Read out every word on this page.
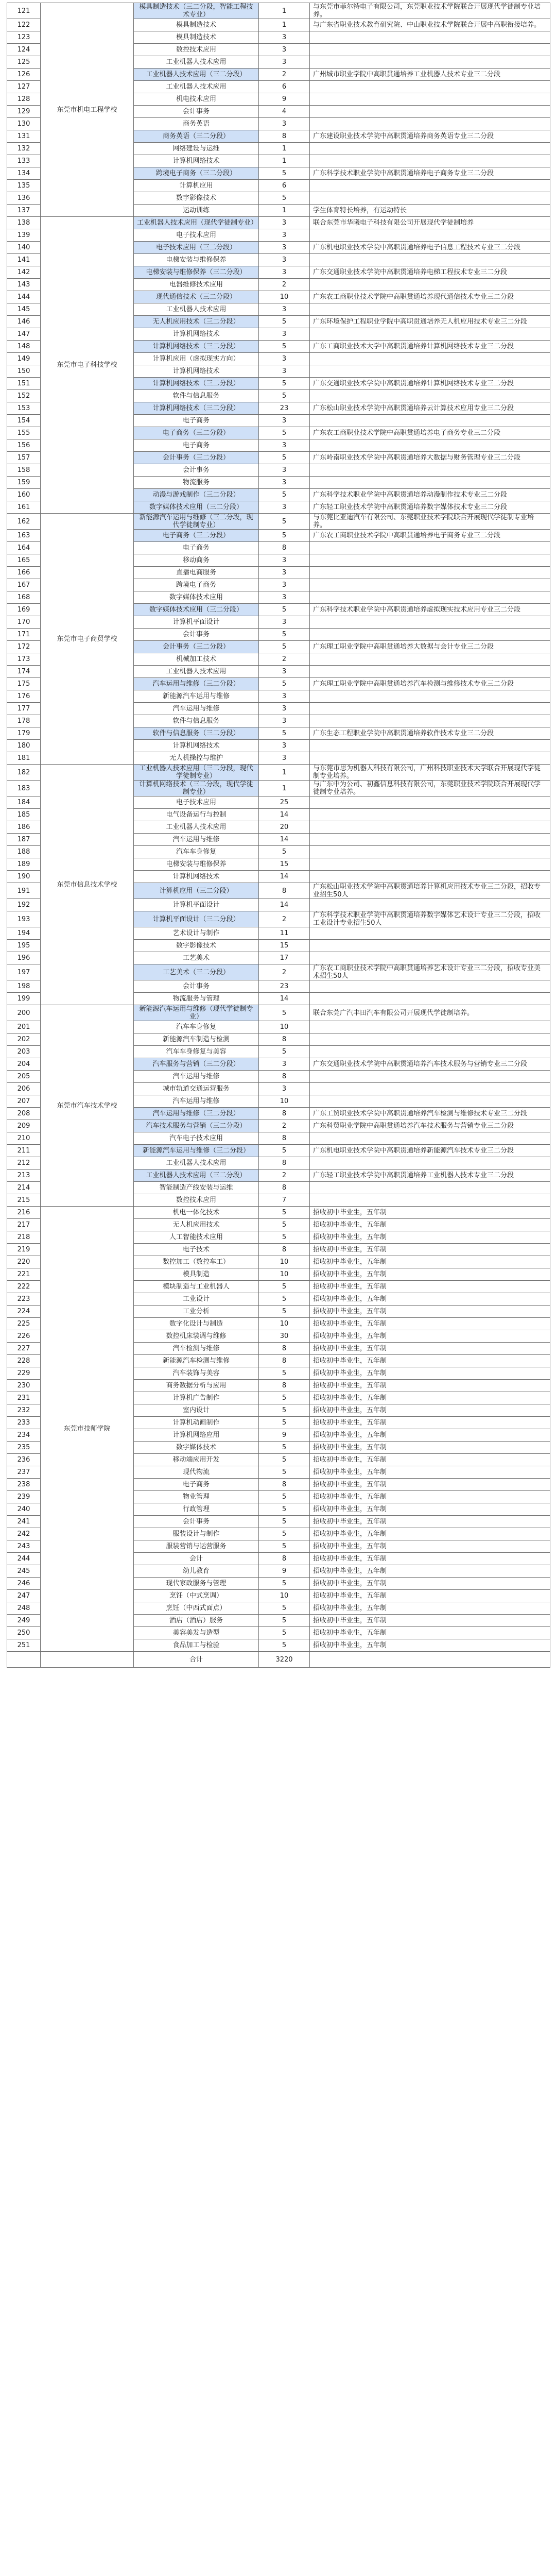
121	东莞市机电工程学校	模具制造技术（三二分段，智能工程技术专业）	1	与东莞市菲尔特电子有限公司，东莞职业技术学院联合开展现代学徒制专业培养。
122		模具制造技术	1	与广东省职业技术教育研究院、中山职业技术学院联合开展中高职衔接培养。
123		模具制造技术	3	
124		数控技术应用	3	
125		工业机器人技术应用	3	
126		工业机器人技术应用（三二分段）	2	广州城市职业学院中高职贯通培养工业机器人技术专业三二分段
127		工业机器人技术应用	6	
128		机电技术应用	9	
129		会计事务	4	
130		商务英语	3	
131		商务英语（三二分段）	8	广东建设职业技术学院中高职贯通培养商务英语专业三二分段
132		网络建设与运维	1	
133		计算机网络技术	1	
134		跨境电子商务（三二分段）	5	广东科学技术职业学院中高职贯通培养电子商务专业三二分段
135		计算机应用	6	
136		数字影像技术	5	
137		运动训练	1	学生体育特长培养，有运动特长
138	东莞市电子科技学校	工业机器人技术应用（现代学徒制专业）	3	联合东莞市华曦电子科技有限公司开展现代学徒制培养
139		电子技术应用	3	
140		电子技术应用（三二分段）	3	广东机电职业技术学院中高职贯通培养电子信息工程技术专业三二分段
141		电梯安装与维修保养	3	
142		电梯安装与维修保养（三二分段）	3	广东交通职业技术学院中高职贯通培养电梯工程技术专业三二分段
143		电器维修技术应用	2	
144		现代通信技术（三二分段）	10	广东农工商职业技术学院中高职贯通培养现代通信技术专业三二分段
145		工业机器人技术应用	3	
146		无人机应用技术（三二分段）	5	广东环境保护工程职业学院中高职贯通培养无人机应用技术专业三二分段
147		计算机网络技术	3	
148		计算机网络技术（三二分段）	5	广东工商职业技术大学中高职贯通培养计算机网络技术专业三二分段
149		计算机应用（虚拟现实方向）	3	
150		计算机网络技术	3	
151		计算机网络技术（三二分段）	5	广东交通职业技术学院中高职贯通培养计算机网络技术专业三二分段
152		软件与信息服务	5	
153		计算机网络技术（三二分段）	23	广东松山职业技术学院中高职贯通培养云计算技术应用专业三二分段
154		电子商务	3	
155		电子商务（三二分段）	5	广东农工商职业技术学院中高职贯通培养电子商务专业三二分段
156		电子商务	3	
157		会计事务（三二分段）	5	广东岭南职业技术学院中高职贯通培养大数据与财务管理专业三二分段
158		会计事务	3	
159		物流服务	3	
160		动漫与游戏制作（三二分段）	5	广东科学技术职业学院中高职贯通培养动漫制作技术专业三二分段
161		数字媒体技术应用（三二分段）	3	广东轻工职业技术学院中高职贯通培养数字媒体技术专业三二分段
162	东莞市电子商贸学校	新能源汽车运用与维修（三二分段，现代学徒制专业）	5	与东莞比亚迪汽车有限公司、东莞职业技术学院联合开展现代学徒制专业培养。
163		电子商务（三二分段）	5	广东农工商职业技术学院中高职贯通培养电子商务专业三二分段
164		电子商务	8	
165		移动商务	3	
166		直播电商服务	3	
167		跨境电子商务	3	
168		数字媒体技术应用	3	
169		数字媒体技术应用（三二分段）	5	广东科学技术职业学院中高职贯通培养虚拟现实技术应用专业三二分段
170		计算机平面设计	3	
171		会计事务	5	
172		会计事务（三二分段）	5	广东理工职业学院中高职贯通培养大数据与会计专业三二分段
173		机械加工技术	2	
174		工业机器人技术应用	3	
175		汽车运用与维修（三二分段）	5	广东理工职业学院中高职贯通培养汽车检测与维修技术专业三二分段
176		新能源汽车运用与维修	3	
177		汽车运用与维修	3	
178		软件与信息服务	3	
179		软件与信息服务（三二分段）	5	广东生态工程职业学院中高职贯通培养软件技术专业三二分段
180		计算机网络技术	3	
181		无人机操控与维护	3	
182	东莞市信息技术学校	工业机器人技术应用（三二分段，现代学徒制专业）	1	与东莞市思为机器人科技有限公司，广州科技职业技术大学联合开展现代学徒制专业培养。
183		计算机网络技术（三二分段，现代学徒制专业）	1	与广东中为公司、初鑫信息科技有限公司，东莞职业技术学院联合开展现代学徒制专业培养。
184		电子技术应用	25	
185		电气设备运行与控制	14	
186		工业机器人技术应用	20	
187		汽车运用与维修	14	
188		汽车车身修复	5	
189		电梯安装与维修保养	15	
190		计算机网络技术	14	
191		计算机应用（三二分段）	8	广东松山职业技术学院中高职贯通培养计算机应用技术专业三二分段，招收专业招生50人
192		计算机平面设计	14	
193		计算机平面设计（三二分段）	2	广东科学技术职业学院中高职贯通培养数字媒体艺术设计专业三二分段，招收工业设计专业招生50人
194		艺术设计与制作	11	
195		数字影像技术	15	
196		工艺美术	17	
197		工艺美术（三二分段）	2	广东农工商职业技术学院中高职贯通培养艺术设计专业三二分段，招收专业美术招生50人
198		会计事务	23	
199		物流服务与管理	14	
200	东莞市汽车技术学校	新能源汽车运用与维修（现代学徒制专业）	5	联合东莞广汽丰田汽车有限公司开展现代学徒制培养。
201		汽车车身修复	10	
202		新能源汽车制造与检测	8	
203		汽车车身修复与美容	5	
204		汽车服务与营销（三二分段）	3	广东交通职业技术学院中高职贯通培养汽车技术服务与营销专业三二分段
205		汽车运用与维修	8	
206		城市轨道交通运营服务	3	
207		汽车运用与维修	10	
208		汽车运用与维修（三二分段）	8	广东工贸职业技术学院中高职贯通培养汽车检测与维修技术专业三二分段
209		汽车技术服务与营销（三二分段）	2	广东科贸职业学院中高职贯通培养汽车技术服务与营销专业三二分段
210		汽车电子技术应用	8	
211		新能源汽车运用与维修（三二分段）	5	广东机电职业技术学院中高职贯通培养新能源汽车技术专业三二分段
212		工业机器人技术应用	8	
213		工业机器人技术应用（三二分段）	2	广东轻工职业技术学院中高职贯通培养工业机器人技术专业三二分段
214		智能制造产线安装与运维	8	
215		数控技术应用	7	
216	东莞市技师学院	机电一体化技术	5	招收初中毕业生，五年制
217		无人机应用技术	5	招收初中毕业生，五年制
218		人工智能技术应用	5	招收初中毕业生，五年制
219		电子技术	8	招收初中毕业生，五年制
220		数控加工（数控车工）	10	招收初中毕业生，五年制
221		模具制造	10	招收初中毕业生，五年制
222		模块制造与工业机器人	5	招收初中毕业生，五年制
223		工业设计	5	招收初中毕业生，五年制
224		工业分析	5	招收初中毕业生，五年制
225		数字化设计与制造	10	招收初中毕业生，五年制
226		数控机床装调与维修	30	招收初中毕业生，五年制
227		汽车检测与维修	8	招收初中毕业生，五年制
228		新能源汽车检测与维修	8	招收初中毕业生，五年制
229		汽车装饰与美容	5	招收初中毕业生，五年制
230		商务数据分析与应用	8	招收初中毕业生，五年制
231		计算机广告制作	5	招收初中毕业生，五年制
232		室内设计	5	招收初中毕业生，五年制
233		计算机动画制作	5	招收初中毕业生，五年制
234		计算机网络应用	9	招收初中毕业生，五年制
235		数字媒体技术	5	招收初中毕业生，五年制
236		移动端应用开发	5	招收初中毕业生，五年制
237		现代物流	5	招收初中毕业生，五年制
238		电子商务	8	招收初中毕业生，五年制
239		物业管理	5	招收初中毕业生，五年制
240		行政管理	5	招收初中毕业生，五年制
241		会计事务	5	招收初中毕业生，五年制
242		服装设计与制作	5	招收初中毕业生，五年制
243		服装营销与运营服务	5	招收初中毕业生，五年制
244		会计	8	招收初中毕业生，五年制
245		幼儿教育	9	招收初中毕业生，五年制
246		现代家政服务与管理	5	招收初中毕业生，五年制
247		烹饪（中式烹调）	10	招收初中毕业生，五年制
248		烹饪（中西式面点）	5	招收初中毕业生，五年制
249		酒店（酒店）服务	5	招收初中毕业生，五年制
250		美容美发与造型	5	招收初中毕业生，五年制
251		食品加工与检验	5	招收初中毕业生，五年制
		合计	3220	
